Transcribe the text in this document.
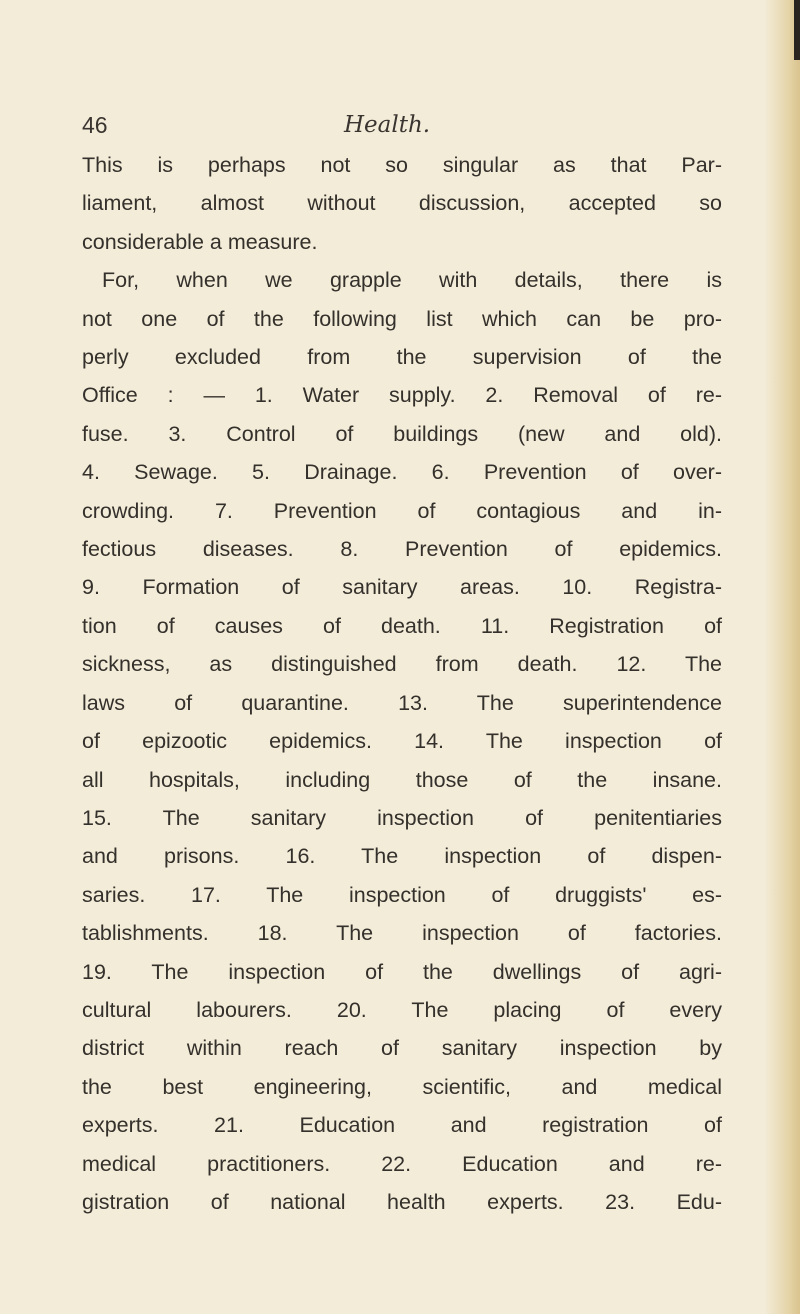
46	Health.
This is perhaps not so singular as that Par-
liament, almost without discussion, accepted so
considerable a measure.
For, when we grapple with details, there is
not one of the following list which can be pro-
perly excluded from the supervision of the
Office : — 1. Water supply. 2. Removal of re-
fuse. 3. Control of buildings (new and old).
4. Sewage. 5. Drainage. 6. Prevention of over-
crowding. 7. Prevention of contagious and in-
fectious diseases. 8. Prevention of epidemics.
9. Formation of sanitary areas. 10. Registra-
tion of causes of death. 11. Registration of
sickness, as distinguished from death. 12. The
laws of quarantine. 13. The superintendence
of epizootic epidemics. 14. The inspection of
all hospitals, including those of the insane.
15. The sanitary inspection of penitentiaries
and prisons. 16. The inspection of dispen-
saries. 17. The inspection of druggists' es-
tablishments. 18. The inspection of factories.
19. The inspection of the dwellings of agri-
cultural labourers. 20. The placing of every
district within reach of sanitary inspection by
the best engineering, scientific, and medical
experts. 21. Education and registration of
medical practitioners. 22. Education and re-
gistration of national health experts. 23. Edu-
